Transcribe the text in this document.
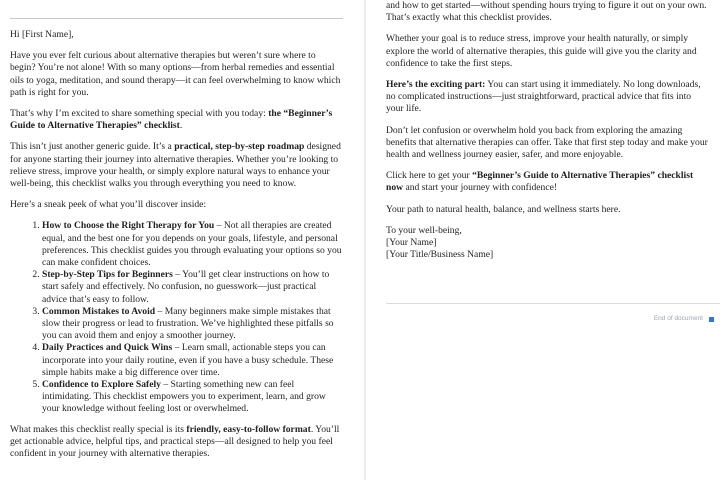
Hi [First Name],

Have you ever felt curious about alternative therapies but weren’t sure where to begin? You’re not alone! With so many options—from herbal remedies and essential oils to yoga, meditation, and sound therapy—it can feel overwhelming to know which path is right for you.

That’s why I’m excited to share something special with you today: the “Beginner’s Guide to Alternative Therapies” checklist.

This isn’t just another generic guide. It’s a practical, step-by-step roadmap designed for anyone starting their journey into alternative therapies. Whether you’re looking to relieve stress, improve your health, or simply explore natural ways to enhance your well-being, this checklist walks you through everything you need to know.

Here’s a sneak peek of what you’ll discover inside:

1. How to Choose the Right Therapy for You – Not all therapies are created equal, and the best one for you depends on your goals, lifestyle, and personal preferences. This checklist guides you through evaluating your options so you can make confident choices.
2. Step-by-Step Tips for Beginners – You’ll get clear instructions on how to start safely and effectively. No confusion, no guesswork—just practical advice that’s easy to follow.
3. Common Mistakes to Avoid – Many beginners make simple mistakes that slow their progress or lead to frustration. We’ve highlighted these pitfalls so you can avoid them and enjoy a smoother journey.
4. Daily Practices and Quick Wins – Learn small, actionable steps you can incorporate into your daily routine, even if you have a busy schedule. These simple habits make a big difference over time.
5. Confidence to Explore Safely – Starting something new can feel intimidating. This checklist empowers you to experiment, learn, and grow your knowledge without feeling lost or overwhelmed.

What makes this checklist really special is its friendly, easy-to-follow format. You’ll get actionable advice, helpful tips, and practical steps—all designed to help you feel confident in your journey with alternative therapies.

and how to get started—without spending hours trying to figure it out on your own. That’s exactly what this checklist provides.

Whether your goal is to reduce stress, improve your health naturally, or simply explore the world of alternative therapies, this guide will give you the clarity and confidence to take the first steps.

Here’s the exciting part: You can start using it immediately. No long downloads, no complicated instructions—just straightforward, practical advice that fits into your life.

Don’t let confusion or overwhelm hold you back from exploring the amazing benefits that alternative therapies can offer. Take that first step today and make your health and wellness journey easier, safer, and more enjoyable.

Click here to get your “Beginner’s Guide to Alternative Therapies” checklist now and start your journey with confidence!

Your path to natural health, balance, and wellness starts here.

To your well-being,

[Your Name]

[Your Title/Business Name]

End of document
